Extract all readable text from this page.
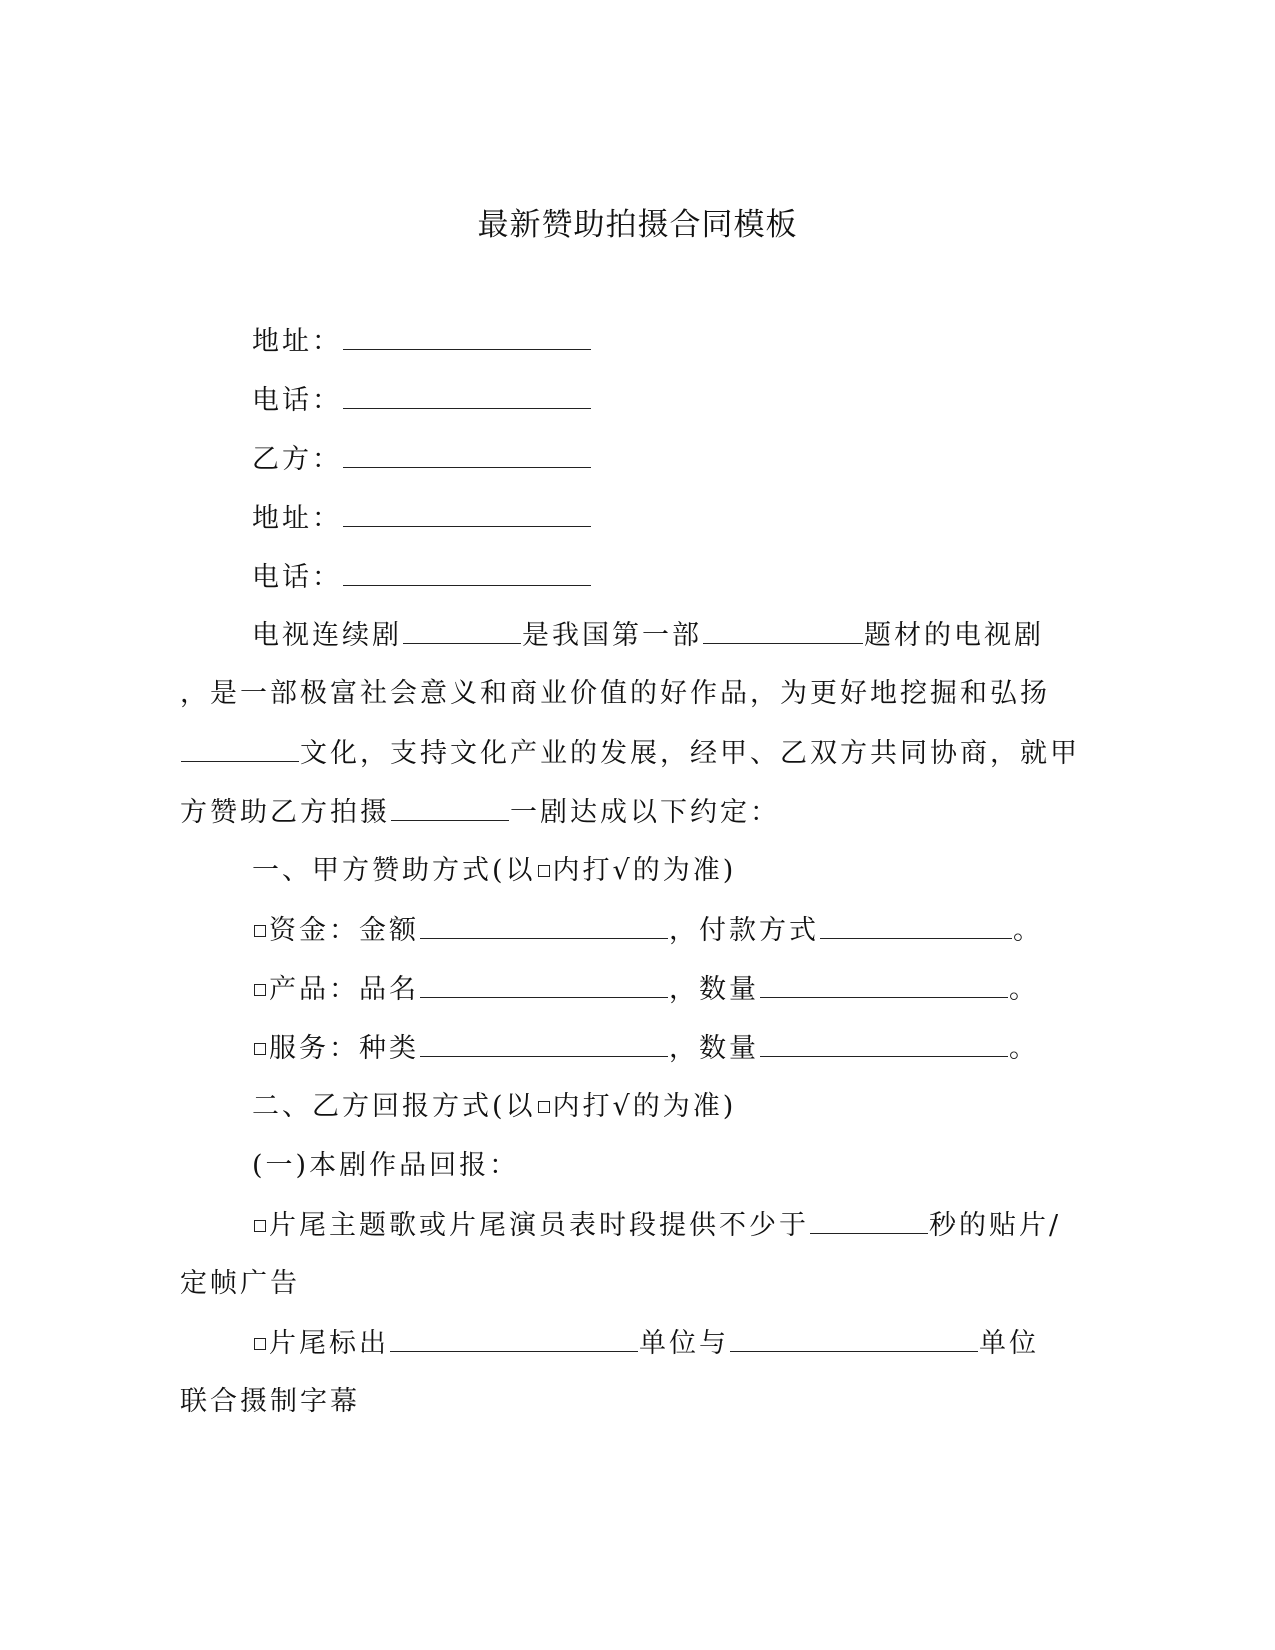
最新赞助拍摄合同模板
地址：
电话：
乙方：
地址：
电话：
电视连续剧	是我国第一部	题材的电视剧
，是一部极富社会意义和商业价值的好作品，为更好地挖掘和弘扬
文化，支持文化产业的发展，经甲、乙双方共同协商，就甲
方赞助乙方拍摄	一剧达成以下约定：
一、甲方赞助方式(以 内打√的为准)
资金：金额	，付款方式	。
产品：品名	，数量	。
服务：种类	，数量	。
二、乙方回报方式(以 内打√的为准)
(一)本剧作品回报：
片尾主题歌或片尾演员表时段提供不少于	秒的贴片/
定帧广告
片尾标出	单位与	单位
联合摄制字幕
